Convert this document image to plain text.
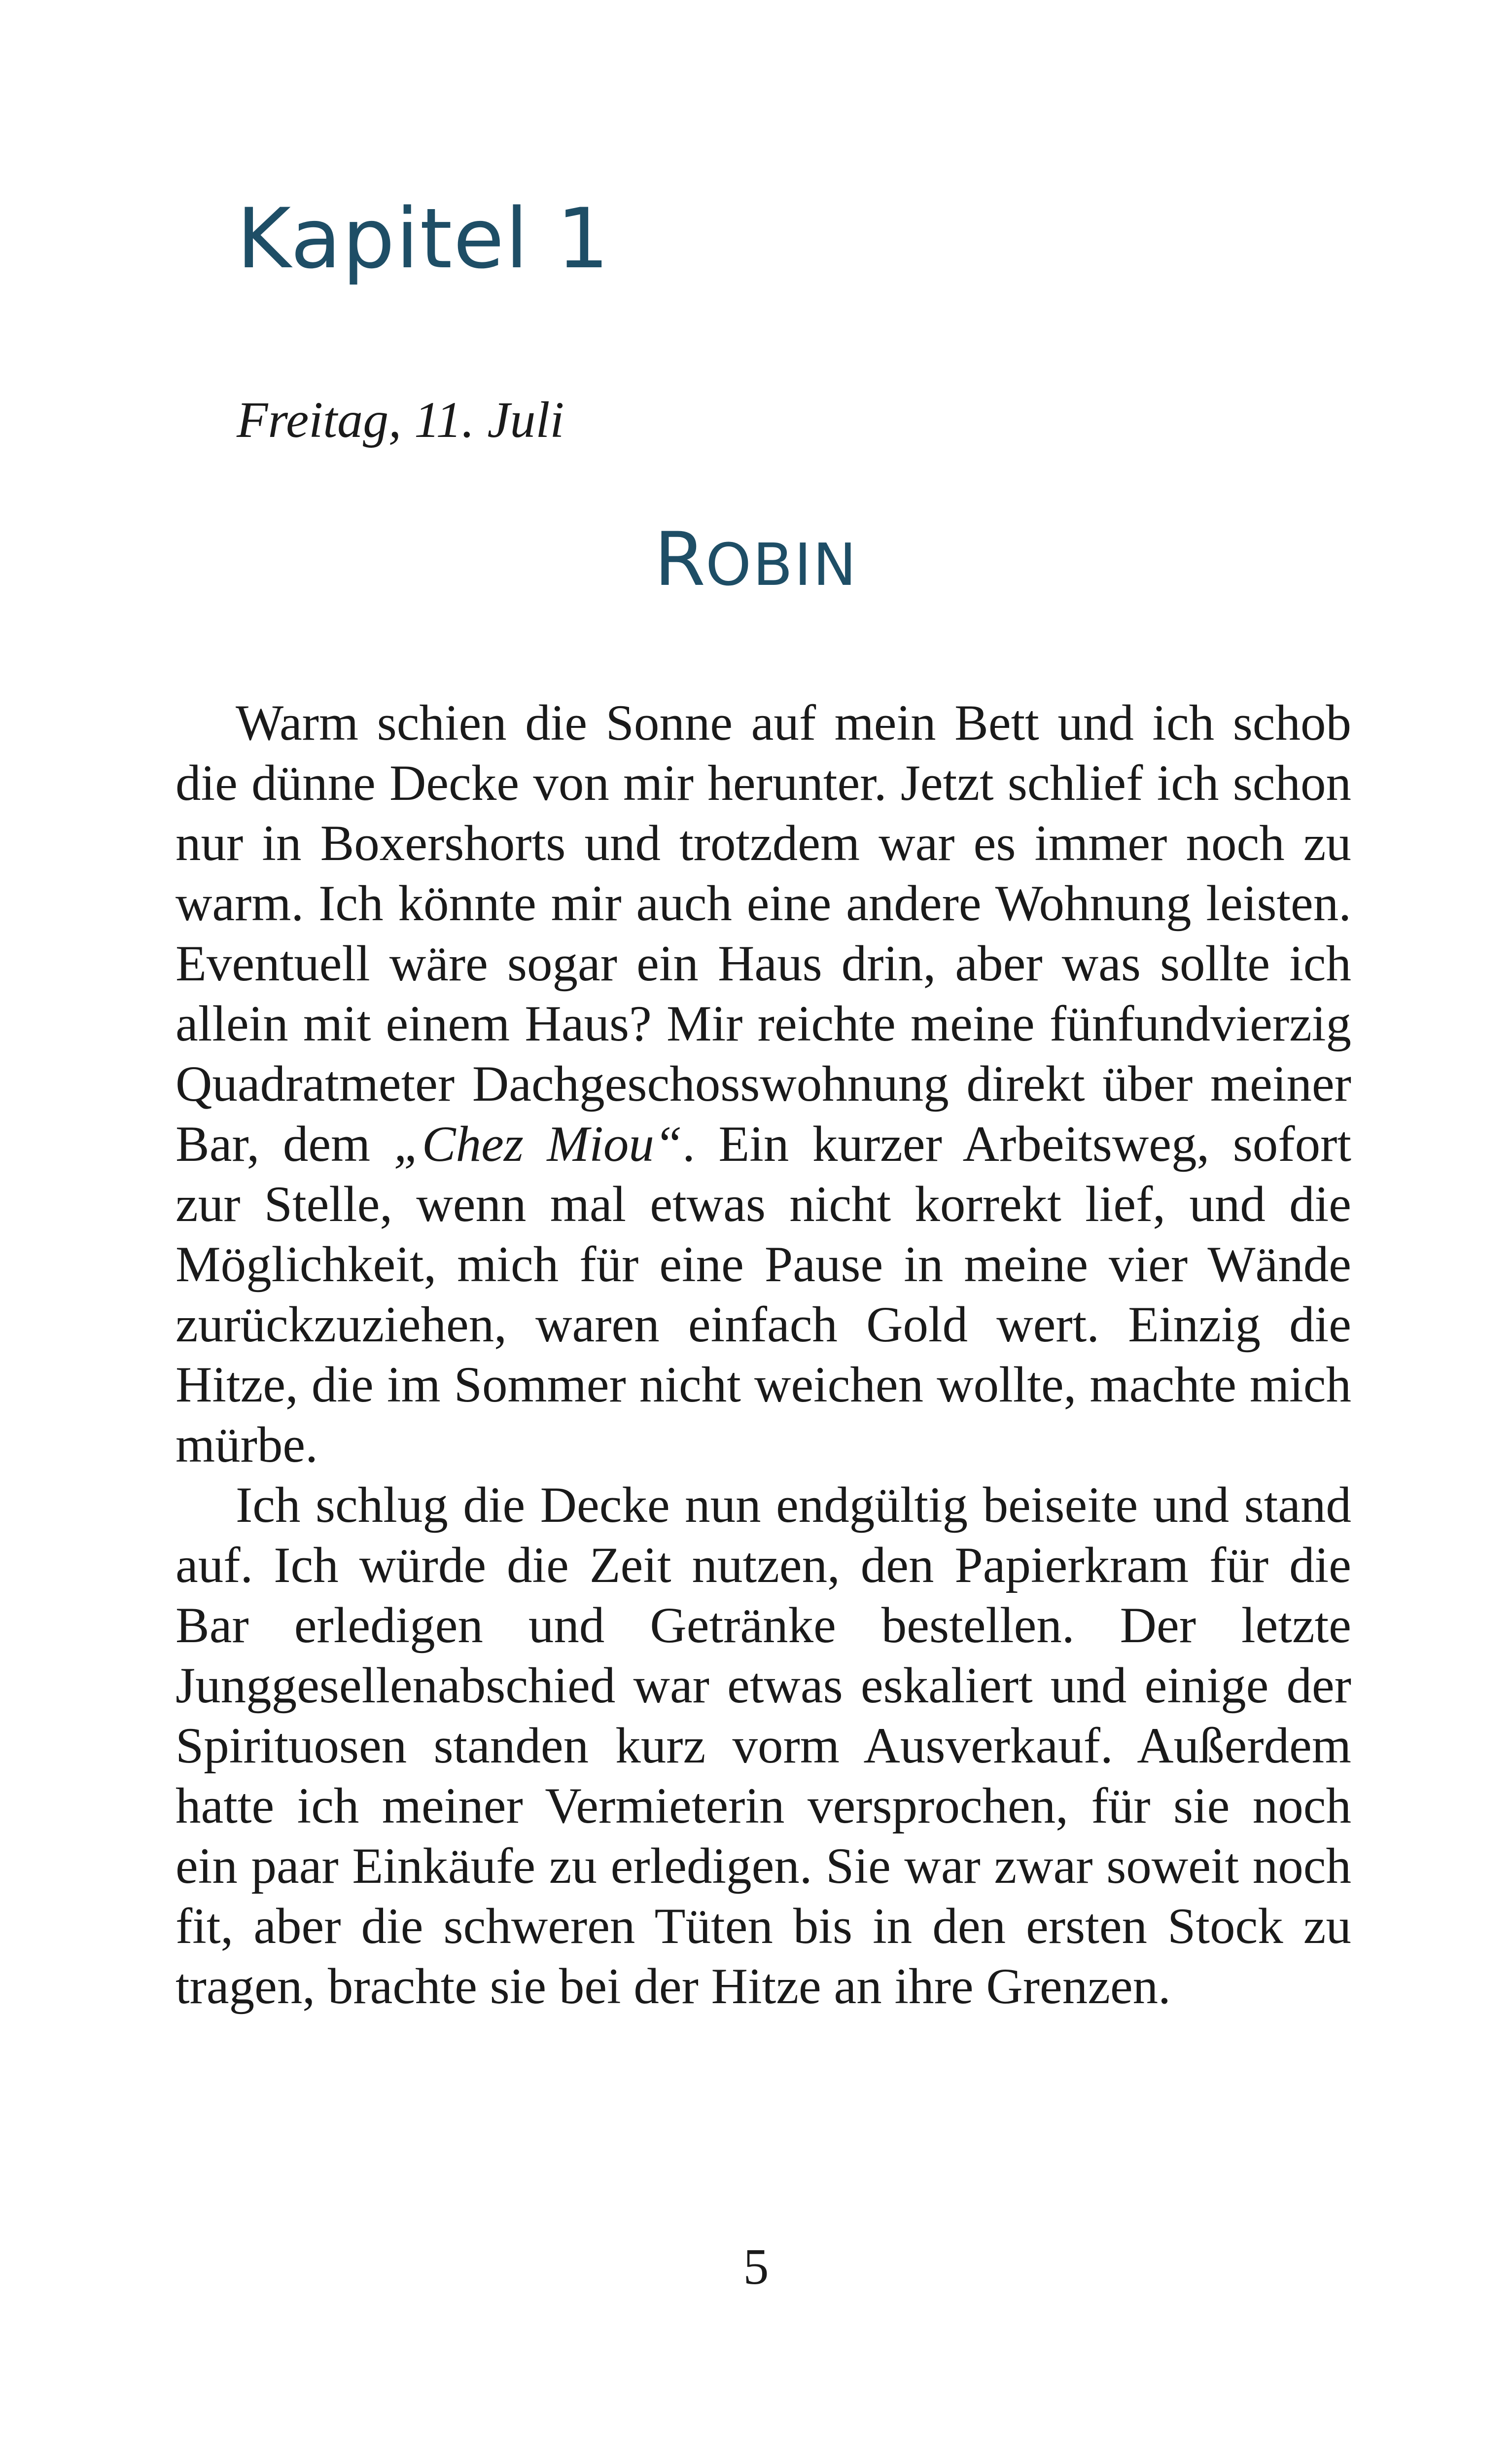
Kapitel 1
Freitag, 11. Juli
ROBIN

Warm schien die Sonne auf mein Bett und ich schob die dünne Decke von mir herunter. Jetzt schlief ich schon nur in Boxershorts und trotzdem war es immer noch zu warm. Ich könnte mir auch eine andere Wohnung leisten. Eventuell wäre sogar ein Haus drin, aber was sollte ich allein mit einem Haus? Mir reichte meine fünfundvierzig Quadratmeter Dachgeschosswohnung direkt über meiner Bar, dem „Chez Miou“. Ein kurzer Arbeitsweg, sofort zur Stelle, wenn mal etwas nicht korrekt lief, und die Möglichkeit, mich für eine Pause in meine vier Wände zurückzuziehen, waren einfach Gold wert. Einzig die Hitze, die im Sommer nicht weichen wollte, machte mich mürbe.

Ich schlug die Decke nun endgültig beiseite und stand auf. Ich würde die Zeit nutzen, den Papierkram für die Bar erledigen und Getränke bestellen. Der letzte Junggesellenabschied war etwas eskaliert und einige der Spirituosen standen kurz vorm Ausverkauf. Außerdem hatte ich meiner Vermieterin versprochen, für sie noch ein paar Einkäufe zu erledigen. Sie war zwar soweit noch fit, aber die schweren Tüten bis in den ersten Stock zu tragen, brachte sie bei der Hitze an ihre Grenzen.

5
